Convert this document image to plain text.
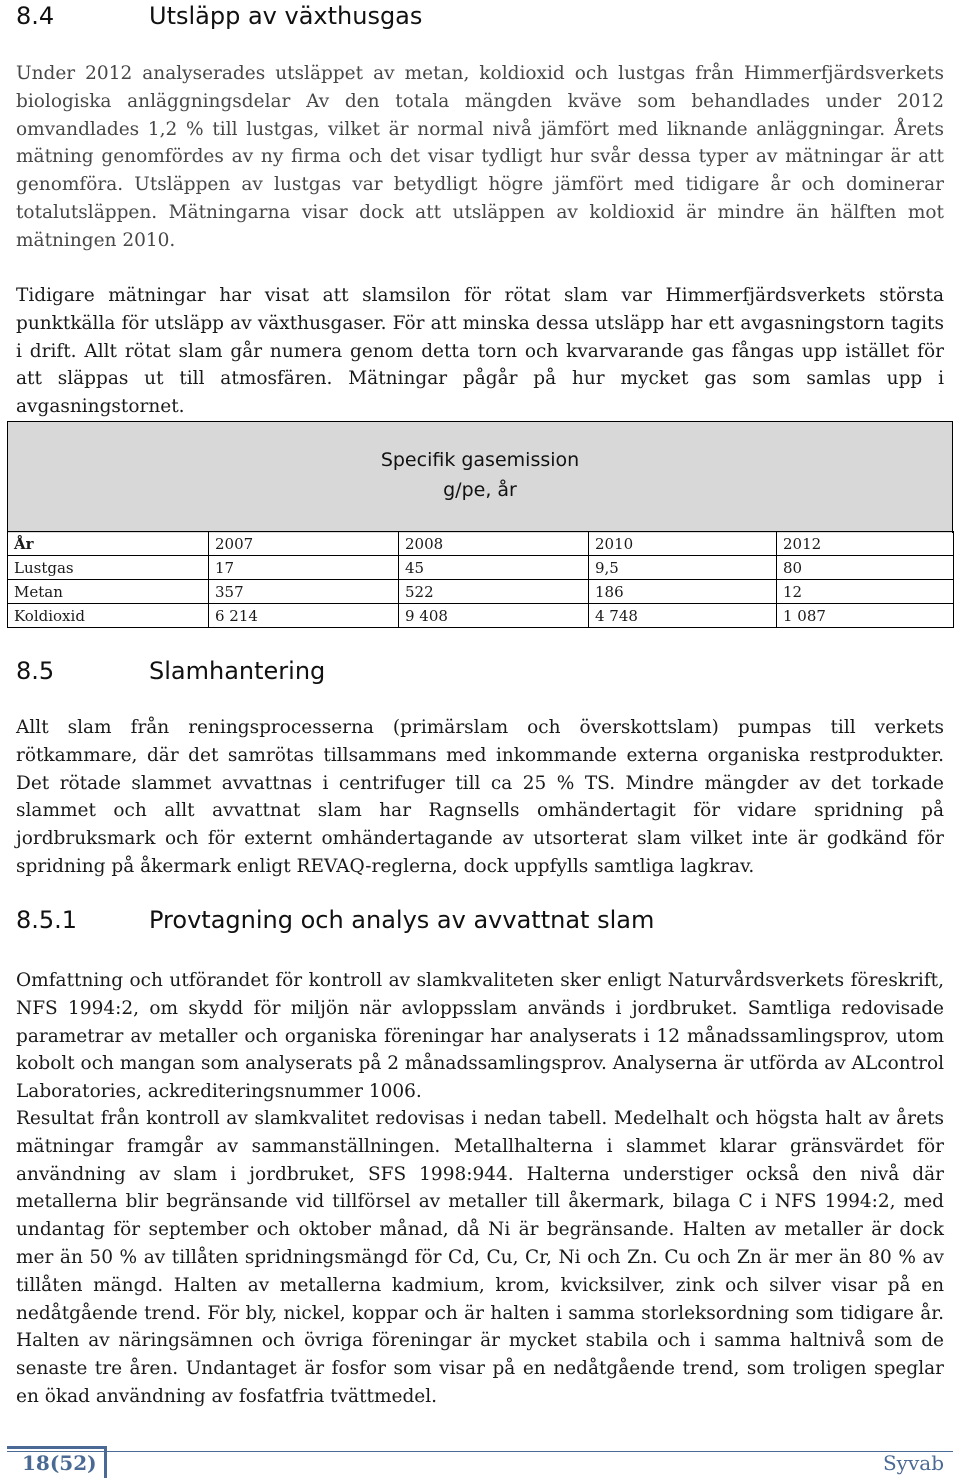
8.4	Utsläpp av växthusgas

Under 2012 analyserades utsläppet av metan, koldioxid och lustgas från Himmerfjärdsverkets biologiska anläggningsdelar Av den totala mängden kväve som behandlades under 2012 omvandlades 1,2 % till lustgas, vilket är normal nivå jämfört med liknande anläggningar. Årets mätning genomfördes av ny firma och det visar tydligt hur svår dessa typer av mätningar är att genomföra. Utsläppen av lustgas var betydligt högre jämfört med tidigare år och dominerar totalutsläppen. Mätningarna visar dock att utsläppen av koldioxid är mindre än hälften mot mätningen 2010.

Tidigare mätningar har visat att slamsilon för rötat slam var Himmerfjärdsverkets största punktkälla för utsläpp av växthusgaser. För att minska dessa utsläpp har ett avgasningstorn tagits i drift. Allt rötat slam går numera genom detta torn och kvarvarande gas fångas upp istället för att släppas ut till atmosfären. Mätningar pågår på hur mycket gas som samlas upp i avgasningstornet.

Specifik gasemission
g/pe, år
År	2007	2008	2010	2012
Lustgas	17	45	9,5	80
Metan	357	522	186	12
Koldioxid	6 214	9 408	4 748	1 087
8.5	Slamhantering

Allt slam från reningsprocesserna (primärslam och överskottslam) pumpas till verkets rötkammare, där det samrötas tillsammans med inkommande externa organiska restprodukter. Det rötade slammet avvattnas i centrifuger till ca 25 % TS. Mindre mängder av det torkade slammet och allt avvattnat slam har Ragnsells omhändertagit för vidare spridning på jordbruksmark och för externt omhändertagande av utsorterat slam vilket inte är godkänd för spridning på åkermark enligt REVAQ-reglerna, dock uppfylls samtliga lagkrav.

8.5.1	Provtagning och analys av avvattnat slam

Omfattning och utförandet för kontroll av slamkvaliteten sker enligt Naturvårdsverkets föreskrift, NFS 1994:2, om skydd för miljön när avloppsslam används i jordbruket. Samtliga redovisade parametrar av metaller och organiska föreningar har analyserats i 12 månadssamlingsprov, utom kobolt och mangan som analyserats på 2 månadssamlingsprov. Analyserna är utförda av ALcontrol Laboratories, ackrediteringsnummer 1006.

Resultat från kontroll av slamkvalitet redovisas i nedan tabell. Medelhalt och högsta halt av årets mätningar framgår av sammanställningen. Metallhalterna i slammet klarar gränsvärdet för användning av slam i jordbruket, SFS 1998:944. Halterna understiger också den nivå där metallerna blir begränsande vid tillförsel av metaller till åkermark, bilaga C i NFS 1994:2, med undantag för september och oktober månad, då Ni är begränsande. Halten av metaller är dock mer än 50 % av tillåten spridningsmängd för Cd, Cu, Cr, Ni och Zn. Cu och Zn är mer än 80 % av tillåten mängd. Halten av metallerna kadmium, krom, kvicksilver, zink och silver visar på en nedåtgående trend. För bly, nickel, koppar och är halten i samma storleksordning som tidigare år. Halten av näringsämnen och övriga föreningar är mycket stabila och i samma haltnivå som de senaste tre åren. Undantaget är fosfor som visar på en nedåtgående trend, som troligen speglar en ökad användning av fosfatfria tvättmedel.

18(52)	Syvab
